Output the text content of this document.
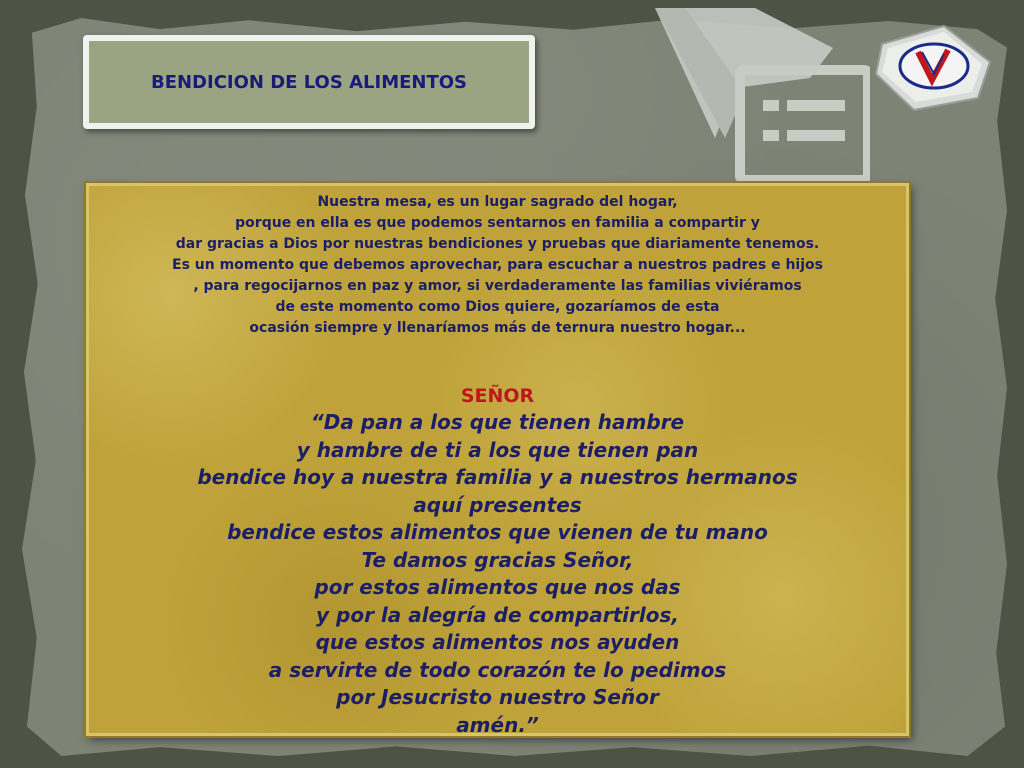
BENDICION DE LOS ALIMENTOS

Nuestra mesa, es un lugar sagrado del hogar,

porque en ella es que podemos sentarnos en familia a compartir y

dar gracias a Dios por nuestras bendiciones y pruebas que diariamente tenemos.

Es un momento que debemos aprovechar, para escuchar a nuestros padres e hijos

, para regocijarnos en paz y amor, si verdaderamente las familias viviéramos

de este momento como Dios quiere, gozaríamos de esta

ocasión siempre y llenaríamos más de ternura nuestro hogar...

SEÑOR

“Da pan a los que tienen hambre

y hambre de ti a los que tienen pan

bendice hoy a nuestra familia y a nuestros hermanos

aquí presentes

bendice estos alimentos que vienen de tu mano

Te damos gracias Señor,

por estos alimentos que nos das

y por la alegría de compartirlos,

que estos alimentos nos ayuden

a servirte de todo corazón te lo pedimos

por Jesucristo nuestro Señor

amén.”
